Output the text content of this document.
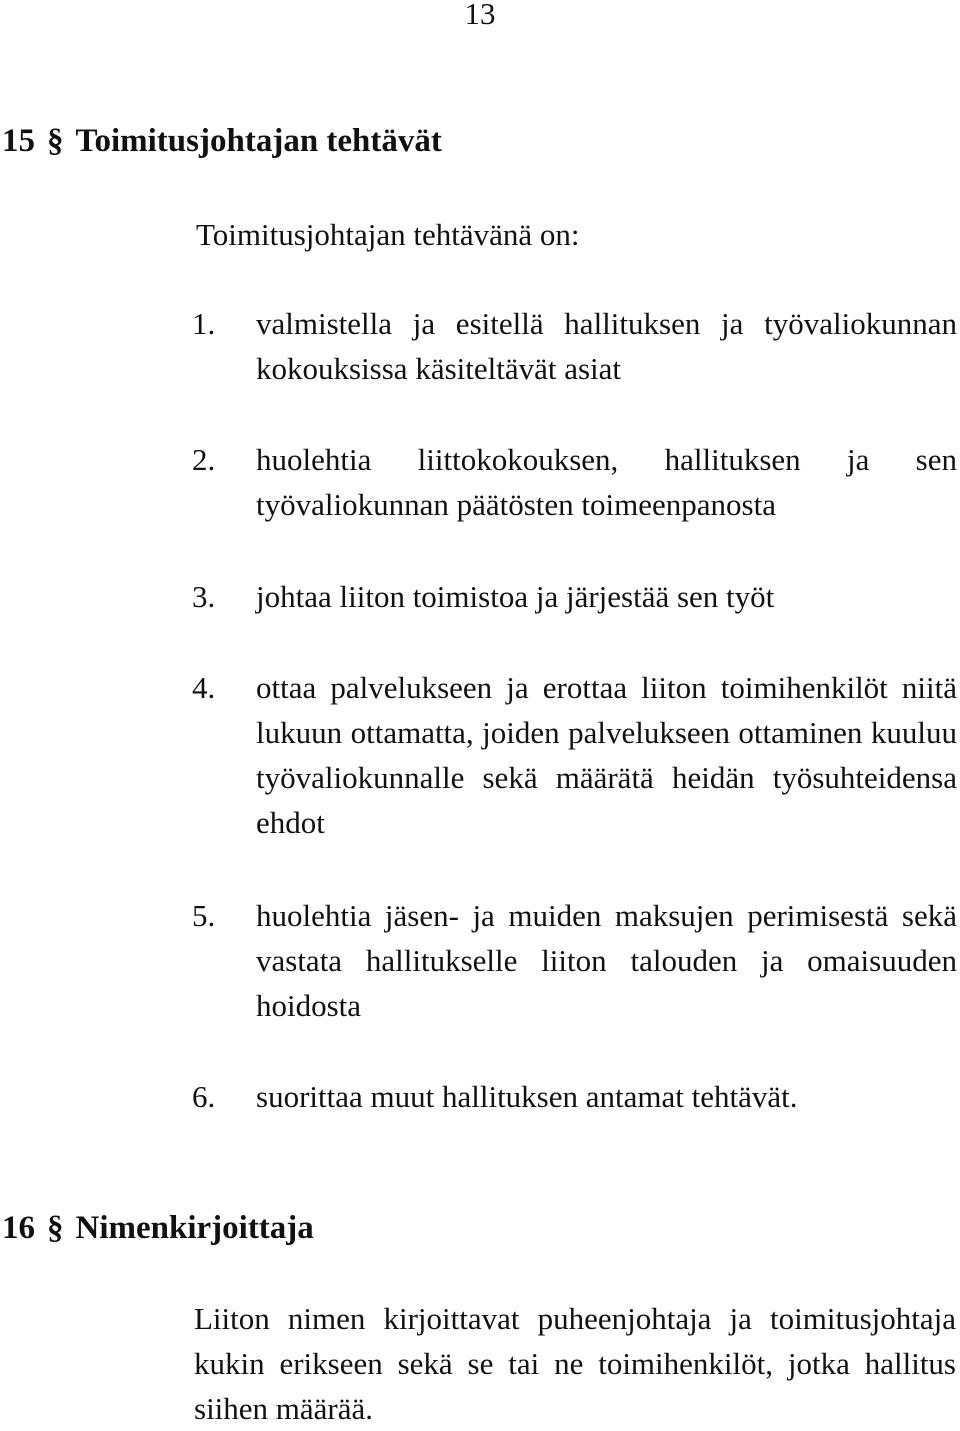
13
15 § Toimitusjohtajan tehtävät
Toimitusjohtajan tehtävänä on:
1. valmistella ja esitellä hallituksen ja työvaliokunnan kokouksissa käsiteltävät asiat
2. huolehtia liittokokouksen, hallituksen ja sen työvaliokunnan päätösten toimeenpanosta
3. johtaa liiton toimistoa ja järjestää sen työt
4. ottaa palvelukseen ja erottaa liiton toimihenkilöt niitä lukuun ottamatta, joiden palvelukseen ottaminen kuuluu työvaliokunnalle sekä määrätä heidän työsuhteidensa ehdot
5. huolehtia jäsen- ja muiden maksujen perimisestä sekä vastata hallitukselle liiton talouden ja omaisuuden hoidosta
6. suorittaa muut hallituksen antamat tehtävät.
16 § Nimenkirjoittaja
Liiton nimen kirjoittavat puheenjohtaja ja toimitusjohtaja kukin erikseen sekä se tai ne toimihenkilöt, jotka hallitus siihen määrää.
